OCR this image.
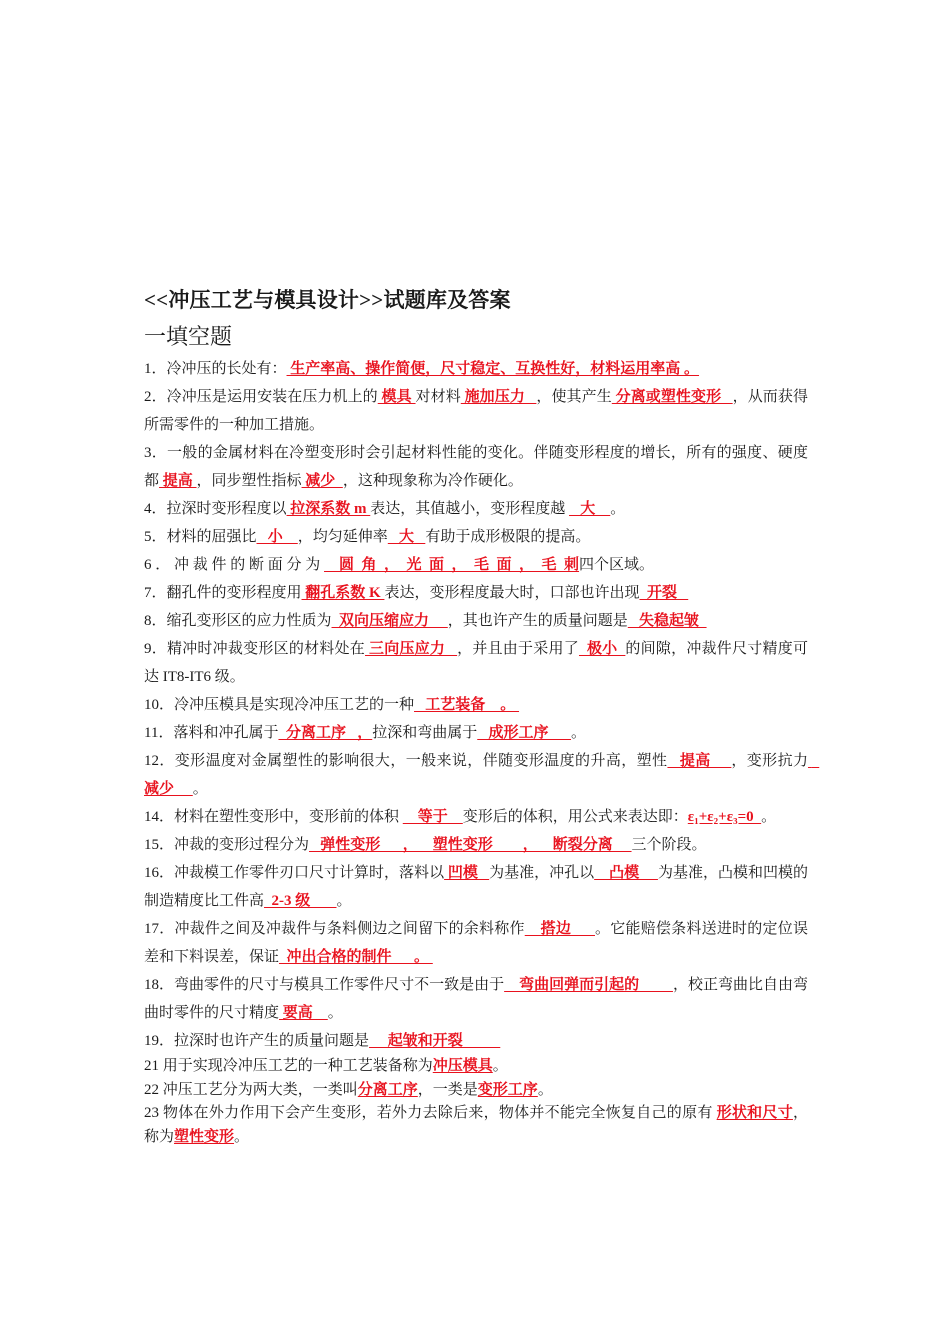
<<冲压工艺与模具设计>>试题库及答案
一填空题

1．冷冲压的长处有： 生产率高、操作简便，尺寸稳定、互换性好，材料运用率高 。

2．冷冲压是运用安装在压力机上的 模具 对材料 施加压力   ，使其产生 分离或塑性变形   ，从而获得所需零件的一种加工措施。

3．一般的金属材料在冷塑变形时会引起材料性能的变化。伴随变形程度的增长，所有的强度、硬度都 提高 ，同步塑性指标 减少  ，这种现象称为冷作硬化。

4．拉深时变形程度以 拉深系数 m 表达，其值越小，变形程度越    大    。

5．材料的屈强比   小    ，均匀延伸率   大   有助于成形极限的提高。

6 ． 冲 裁 件 的 断 面 分 为     圆  角  ，  光  面  ，  毛  面  ，  毛  刺四个区域。

7．翻孔件的变形程度用 翻孔系数 K 表达，变形程度最大时，口部也许出现  开裂

8．缩孔变形区的应力性质为  双向压缩应力     ，其也许产生的质量问题是   失稳起皱

9．精冲时冲裁变形区的材料处在 三向压应力   ，并且由于采用了  极小  的间隙，冲裁件尺寸精度可达 IT8-IT6 级。

10．冷冲压模具是实现冷冲压工艺的一种   工艺装备    。

11．落料和冲孔属于  分离工序   ，拉深和弯曲属于   成形工序      。

12．变形温度对金属塑性的影响很大，一般来说，伴随变形温度的升高，塑性   提高     ，变形抗力   减少     。

14．材料在塑性变形中，变形前的体积     等于    变形后的体积，用公式来表达即：ε₁+ε₂+ε₃=0  。

15．冲裁的变形过程分为   弹性变形      ，    塑性变形        ，    断裂分离     三个阶段。

16．冲裁模工作零件刃口尺寸计算时，落料以 凹模   为基准，冲孔以    凸模     为基准，凸模和凹模的制造精度比工件高  2-3 级       。

17．冲裁件之间及冲裁件与条料侧边之间留下的余料称作    搭边      。它能赔偿条料送进时的定位误差和下料误差，保证  冲出合格的制件      。

18．弯曲零件的尺寸与模具工作零件尺寸不一致是由于    弯曲回弹而引起的         ，校正弯曲比自由弯曲时零件的尺寸精度 要高    。

19．拉深时也许产生的质量问题是     起皱和开裂

21 用于实现冷冲压工艺的一种工艺装备称为冲压模具。

22 冲压工艺分为两大类，一类叫分离工序，一类是变形工序。

23 物体在外力作用下会产生变形，若外力去除后来，物体并不能完全恢复自己的原有 形状和尺寸，称为塑性变形。
